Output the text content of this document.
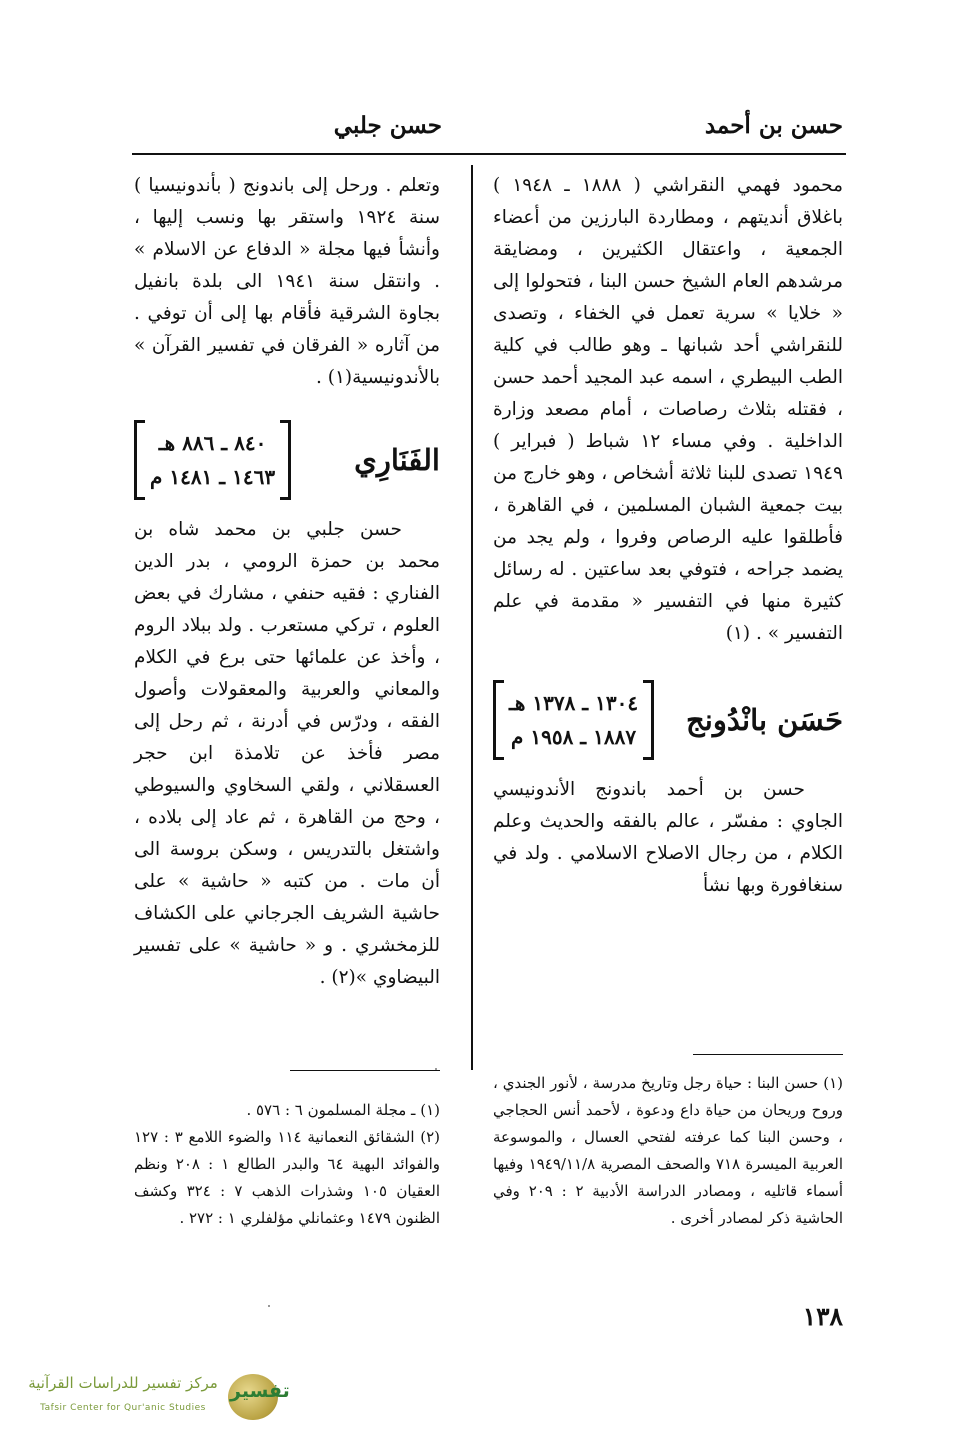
حسن بن أحمد
حسن جلبي

محمود فهمي النقراشي ( ١٨٨٨ ـ ١٩٤٨ ) باغلاق أنديتهم ، ومطاردة البارزين من أعضاء الجمعية ، واعتقال الكثيرين ، ومضايقة مرشدهم العام الشيخ حسن البنا ، فتحولوا إلى « خلايا » سرية تعمل في الخفاء ، وتصدى للنقراشي أحد شبانها ـ وهو طالب في كلية الطب البيطري ، اسمه عبد المجيد أحمد حسن ، فقتله بثلاث رصاصات ، أمام مصعد وزارة الداخلية . وفي مساء ١٢ شباط ( فبراير ) ١٩٤٩ تصدى للبنا ثلاثة أشخاص ، وهو خارج من بيت جمعية الشبان المسلمين ، في القاهرة ، فأطلقوا عليه الرصاص وفروا ، ولم يجد من يضمد جراحه ، فتوفي بعد ساعتين . له رسائل كثيرة منها في التفسير « مقدمة في علم التفسير » . (١)

حَسَن بانْدُونج
١٣٠٤ ـ ١٣٧٨ هـ
١٨٨٧ ـ ١٩٥٨ م

حسن بن أحمد باندونج الأندونيسي الجاوي : مفسّر ، عالم بالفقه والحديث وعلم الكلام ، من رجال الاصلاح الاسلامي . ولد في سنغافورة وبها نشأ

وتعلم . ورحل إلى باندونج ( بأندونيسيا ) سنة ١٩٢٤ واستقر بها ونسب إليها ، وأنشأ فيها مجلة « الدفاع عن الاسلام » . وانتقل سنة ١٩٤١ الى بلدة بانفيل بجاوة الشرقية فأقام بها إلى أن توفي . من آثاره « الفرقان في تفسير القرآن » بالأندونيسية(١) .

الفَنَارِي
٨٤٠ ـ ٨٨٦ هـ
١٤٦٣ ـ ١٤٨١ م

حسن جلبي بن محمد شاه بن محمد بن حمزة الرومي ، بدر الدين الفناري : فقيه حنفي ، مشارك في بعض العلوم ، تركي مستعرب . ولد ببلاد الروم ، وأخذ عن علمائها حتى برع في الكلام والمعاني والعربية والمعقولات وأصول الفقه ، ودرّس في أدرنة ، ثم رحل إلى مصر فأخذ عن تلامذة ابن حجر العسقلاني ، ولقي السخاوي والسيوطي ، وحج من القاهرة ، ثم عاد إلى بلاده ، واشتغل بالتدريس ، وسكن بروسة الى أن مات . من كتبه « حاشية » على حاشية الشريف الجرجاني على الكشاف للزمخشري . و « حاشية » على تفسير البيضاوي »(٢) .

(١) حسن البنا : حياة رجل وتاريخ مدرسة ، لأنور الجندي ، وروح وريحان من حياة داع ودعوة ، لأحمد أنس الحجاجي ، وحسن البنا كما عرفته لفتحي العسال ، والموسوعة العربية الميسرة ٧١٨ والصحف المصرية ١٩٤٩/١١/٨ وفيها أسماء قاتليه ، ومصادر الدراسة الأدبية ٢ : ٢٠٩ وفي الحاشية ذكر لمصادر أخرى .

(١) ـ مجلة المسلمون ٦ : ٥٧٦ .

(٢) الشقائق النعمانية ١١٤ والضوء اللامع ٣ : ١٢٧ والفوائد البهية ٦٤ والبدر الطالع ١ : ٢٠٨ ونظم العقيان ١٠٥ وشذرات الذهب ٧ : ٣٢٤ وكشف الظنون ١٤٧٩ وعثمانلي مؤلفلري ١ : ٢٧٢ .

١٣٨
تفسير
مركز تفسير للدراسات القرآنية
Tafsir Center for Qur'anic Studies
